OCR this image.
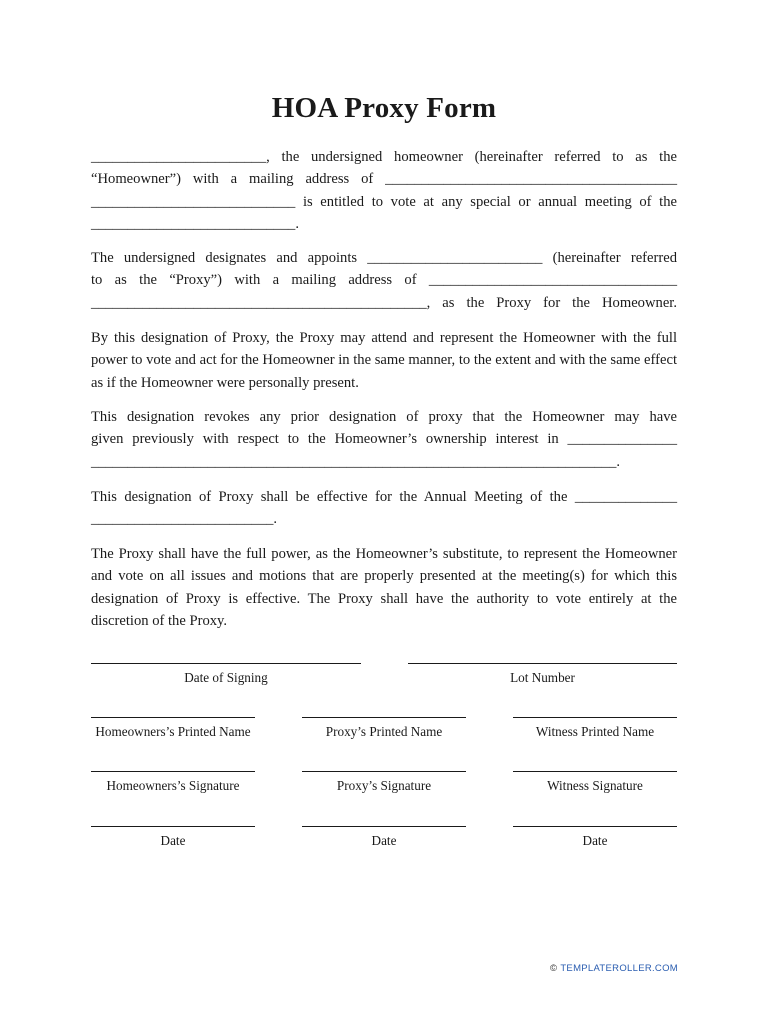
HOA Proxy Form
________________________, the undersigned homeowner (hereinafter referred to as the
“Homeowner”) with a mailing address of ________________________________________
____________________________ is entitled to vote at any special or annual meeting of the
____________________________.
The undersigned designates and appoints ________________________ (hereinafter referred
to as the “Proxy”) with a mailing address of __________________________________
______________________________________________, as the Proxy for the Homeowner.
By this designation of Proxy, the Proxy may attend and represent the Homeowner with the full power to vote and act for the Homeowner in the same manner, to the extent and with the same effect as if the Homeowner were personally present.
This designation revokes any prior designation of proxy that the Homeowner may have
given previously with respect to the Homeowner’s ownership interest in _______________
________________________________________________________________________.
This designation of Proxy shall be effective for the Annual Meeting of the ______________
_________________________.
The Proxy shall have the full power, as the Homeowner’s substitute, to represent the Homeowner and vote on all issues and motions that are properly presented at the meeting(s) for which this designation of Proxy is effective. The Proxy shall have the authority to vote entirely at the discretion of the Proxy.
Date of Signing	Lot Number
Homeowners’s Printed Name	Proxy’s Printed Name	Witness Printed Name
Homeowners’s Signature	Proxy’s Signature	Witness Signature
Date	Date	Date
© TEMPLATEROLLER.COM
